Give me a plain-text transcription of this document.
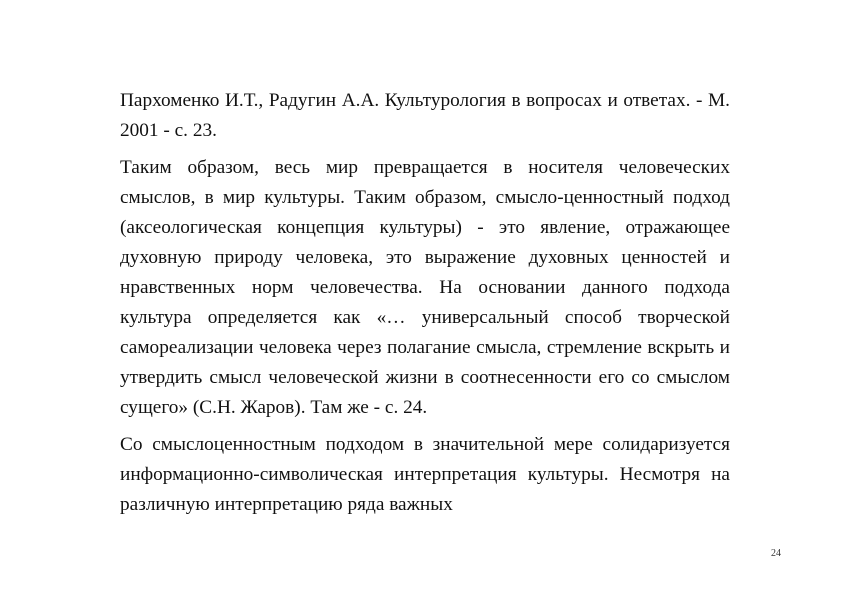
Пархоменко И.Т., Радугин А.А. Культурология в вопросах и ответах. - М. 2001 - с. 23.

Таким образом, весь мир превращается в носителя человеческих смыслов, в мир культуры. Таким образом, смысло-ценностный подход (аксеологическая концепция культуры) - это явление, отражающее духовную природу человека, это выражение духовных ценностей и нравственных норм человечества. На основании данного подхода культура определяется как «… универсальный способ творческой самореализации человека через полагание смысла, стремление вскрыть и утвердить смысл человеческой жизни в соотнесенности его со смыслом сущего» (С.Н. Жаров). Там же - с. 24.

Со смыслоценностным подходом в значительной мере солидаризуется информационно-символическая интерпретация культуры. Несмотря на различную интерпретацию ряда важных

24
